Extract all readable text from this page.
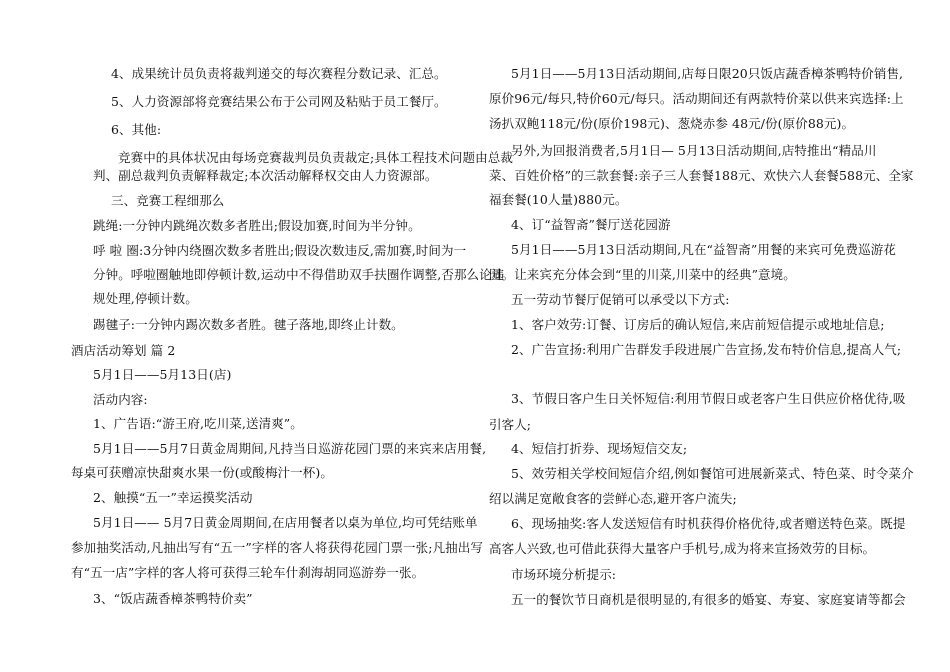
4、成果统计员负责将裁判递交的每次赛程分数记录、汇总。
5、人力资源部将竞赛结果公布于公司网及粘贴于员工餐厅。
6、其他:
竞赛中的具体状况由每场竞赛裁判员负责裁定;具体工程技术问题由总裁
判、副总裁判负责解释裁定;本次活动解释权交由人力资源部。
三、竞赛工程细那么
跳绳:一分钟内跳绳次数多者胜出;假设加赛,时间为半分钟。
呼 啦 圈:3分钟内绕圈次数多者胜出;假设次数违反,需加赛,时间为一
分钟。呼啦圈触地即停顿计数,运动中不得借助双手扶圈作调整,否那么论违
规处理,停顿计数。
踢毽子:一分钟内踢次数多者胜。毽子落地,即终止计数。
酒店活动筹划 篇 2
5月1日——5月13日(店)
活动内容:
1、广告语:“游王府,吃川菜,送清爽”。
5月1日——5月7日黄金周期间,凡持当日巡游花园门票的来宾来店用餐,
每桌可获赠凉快甜爽水果一份(或酸梅汁一杯)。
2、触摸“五一”幸运摸奖活动
5月1日—— 5月7日黄金周期间,在店用餐者以桌为单位,均可凭结账单
参加抽奖活动,凡抽出写有“五一”字样的客人将获得花园门票一张;凡抽出写
有“五一店”字样的客人将可获得三轮车什刹海胡同巡游券一张。
3、“饭店蔬香樟茶鸭特价卖”
5月1日——5月13日活动期间,店每日限20只饭店蔬香樟茶鸭特价销售,
原价96元/每只,特价60元/每只。活动期间还有两款特价菜以供来宾选择:上
汤扒双鲍118元/份(原价198元)、葱烧赤参 48元/份(原价88元)。
另外,为回报消费者,5月1日— 5月13日活动期间,店特推出“精品川
菜、百姓价格”的三款套餐:亲子三人套餐188元、欢快六人套餐588元、全家
福套餐(10人量)880元。
4、订“益智斋”餐厅送花园游
5月1日——5月13日活动期间,凡在“益智斋”用餐的来宾可免费巡游花
园。让来宾充分体会到“里的川菜,川菜中的经典”意境。
五一劳动节餐厅促销可以承受以下方式:
1、客户效劳:订餐、订房后的确认短信,来店前短信提示或地址信息;
2、广告宣扬:利用广告群发手段进展广告宣扬,发布特价信息,提高人气;
3、节假日客户生日关怀短信:利用节假日或老客户生日供应价格优待,吸
引客人;
4、短信打折券、现场短信交友;
5、效劳相关学校间短信介绍,例如餐馆可进展新菜式、特色菜、时令菜介
绍以满足宽敞食客的尝鲜心态,避开客户流失;
6、现场抽奖:客人发送短信有时机获得价格优待,或者赠送特色菜。既提
高客人兴致,也可借此获得大量客户手机号,成为将来宣扬效劳的目标。
市场环境分析提示:
五一的餐饮节日商机是很明显的,有很多的婚宴、寿宴、家庭宴请等都会
